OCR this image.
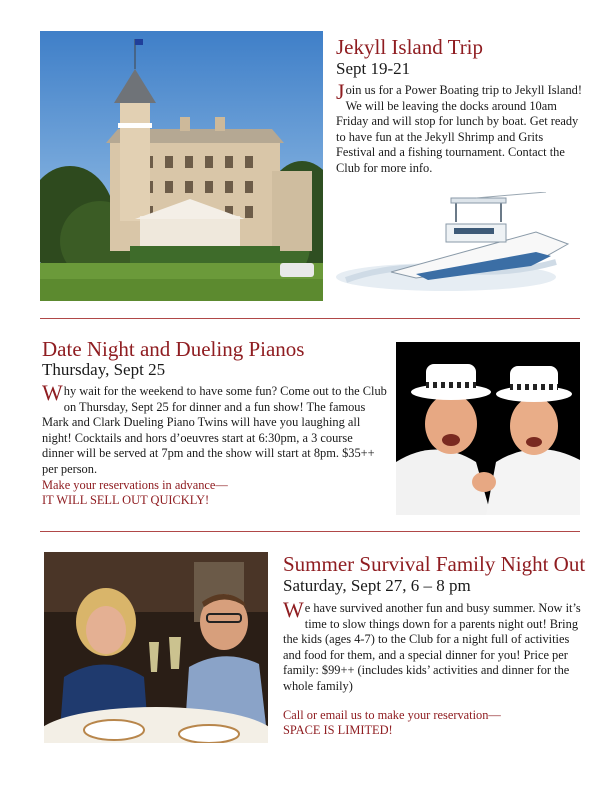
Jekyll Island Trip

Sept 19-21

Join us for a Power Boating trip to Jekyll Island! We will be leaving the docks around 10am Friday and will stop for lunch by boat. Get ready to have fun at the Jekyll Shrimp and Grits Festival and a fishing tournament. Contact the Club for more info.

Date Night and Dueling Pianos

Thursday, Sept 25

Why wait for the weekend to have some fun? Come out to the Club on Thursday, Sept 25 for dinner and a fun show! The famous Mark and Clark Dueling Piano Twins will have you laughing all night! Cocktails and hors d’oeuvres start at 6:30pm, a 3 course dinner will be served at 7pm and the show will start at 8pm. $35++ per person.

Make your reservations in advance—

IT WILL SELL OUT QUICKLY!

Summer Survival Family Night Out

Saturday, Sept 27, 6 – 8 pm

We have survived another fun and busy summer. Now it’s time to slow things down for a parents night out! Bring the kids (ages 4-7) to the Club for a night full of activities and food for them, and a special dinner for you! Price per family: $99++ (includes kids’ activities and dinner for the whole family)

Call or email us to make your reservation—

SPACE IS LIMITED!
